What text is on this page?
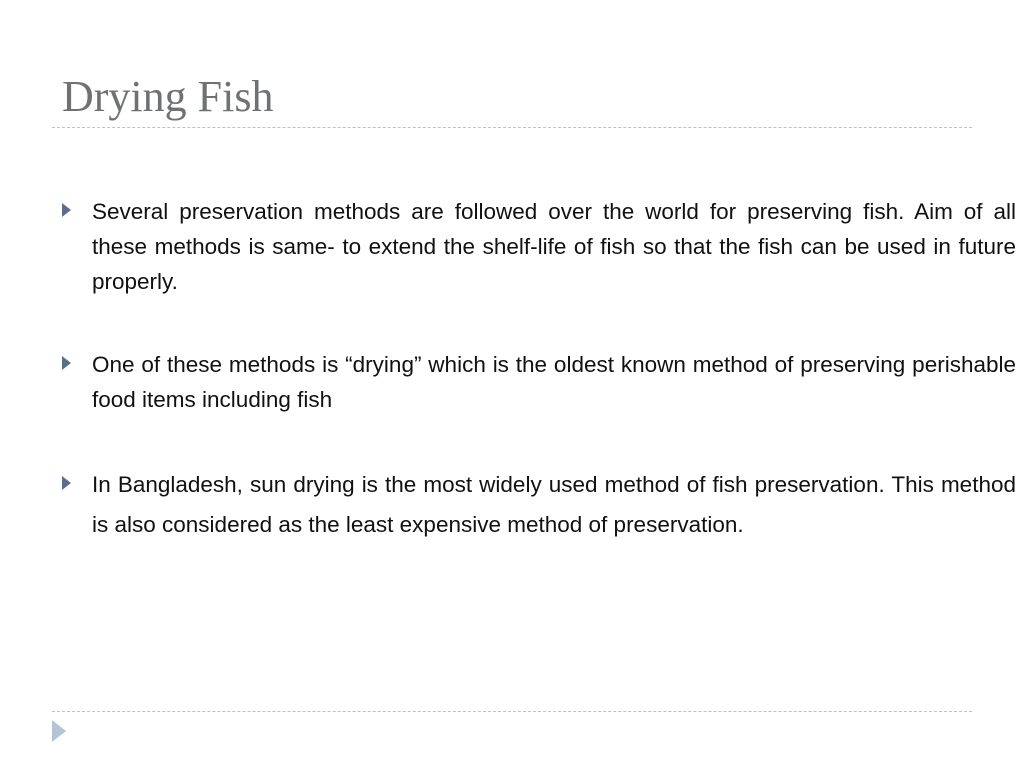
Drying Fish
Several preservation methods are followed over the world for preserving fish. Aim of all these methods is same- to extend the shelf-life of fish so that the fish can be used in future properly.
One of these methods is “drying” which is the oldest known method of preserving perishable food items including fish
In Bangladesh, sun drying is the most widely used method of fish preservation. This method is also considered as the least expensive method of preservation.
